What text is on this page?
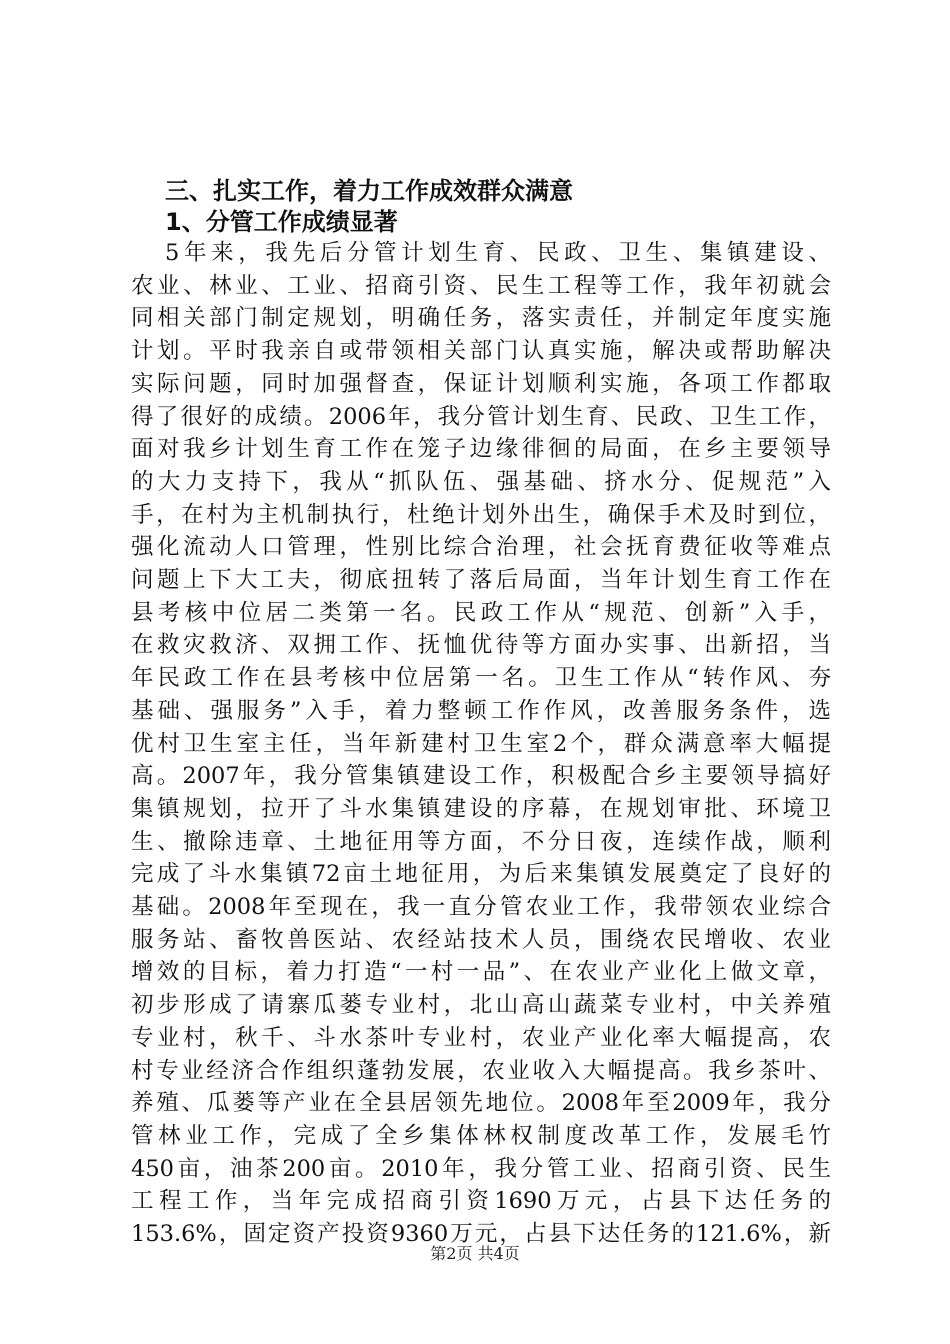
三、扎实工作，着力工作成效群众满意

1、分管工作成绩显著

5年来，我先后分管计划生育、民政、卫生、集镇建设、
农业、林业、工业、招商引资、民生工程等工作，我年初就会
同相关部门制定规划，明确任务，落实责任，并制定年度实施
计划。平时我亲自或带领相关部门认真实施，解决或帮助解决
实际问题，同时加强督查，保证计划顺利实施，各项工作都取
得了很好的成绩。2006年，我分管计划生育、民政、卫生工作，
面对我乡计划生育工作在笼子边缘徘徊的局面，在乡主要领导
的大力支持下，我从“抓队伍、强基础、挤水分、促规范”入
手，在村为主机制执行，杜绝计划外出生，确保手术及时到位，
强化流动人口管理，性别比综合治理，社会抚育费征收等难点
问题上下大工夫，彻底扭转了落后局面，当年计划生育工作在
县考核中位居二类第一名。民政工作从“规范、创新”入手，
在救灾救济、双拥工作、抚恤优待等方面办实事、出新招，当
年民政工作在县考核中位居第一名。卫生工作从“转作风、夯
基础、强服务”入手，着力整顿工作作风，改善服务条件，选
优村卫生室主任，当年新建村卫生室2个，群众满意率大幅提
高。2007年，我分管集镇建设工作，积极配合乡主要领导搞好
集镇规划，拉开了斗水集镇建设的序幕，在规划审批、环境卫
生、撤除违章、土地征用等方面，不分日夜，连续作战，顺利
完成了斗水集镇72亩土地征用，为后来集镇发展奠定了良好的
基础。2008年至现在，我一直分管农业工作，我带领农业综合
服务站、畜牧兽医站、农经站技术人员，围绕农民增收、农业
增效的目标，着力打造“一村一品”、在农业产业化上做文章，
初步形成了请寨瓜蒌专业村，北山高山蔬菜专业村，中关养殖
专业村，秋千、斗水茶叶专业村，农业产业化率大幅提高，农
村专业经济合作组织蓬勃发展，农业收入大幅提高。我乡茶叶、
养殖、瓜蒌等产业在全县居领先地位。2008年至2009年，我分
管林业工作，完成了全乡集体林权制度改革工作，发展毛竹
450亩，油茶200亩。2010年，我分管工业、招商引资、民生
工程工作，当年完成招商引资1690万元，占县下达任务的
153.6%，固定资产投资9360万元，占县下达任务的121.6%，新
第2页 共4页
